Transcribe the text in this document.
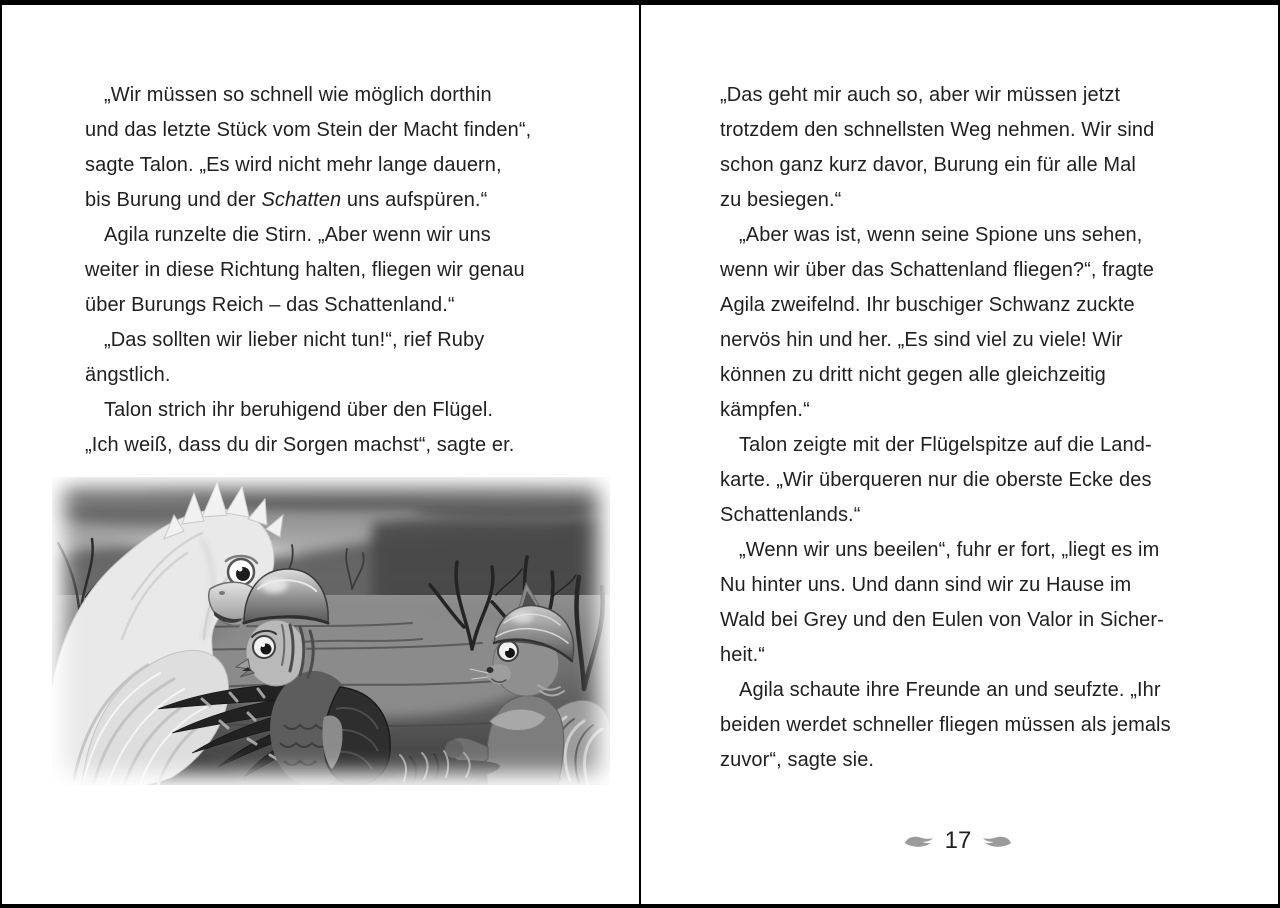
„Wir müssen so schnell wie möglich dorthin
und das letzte Stück vom Stein der Macht finden“,
sagte Talon. „Es wird nicht mehr lange dauern,
bis Burung und der Schatten uns aufspüren.“
Agila runzelte die Stirn. „Aber wenn wir uns
weiter in diese Richtung halten, fliegen wir genau
über Burungs Reich – das Schattenland.“
„Das sollten wir lieber nicht tun!“, rief Ruby
ängstlich.
Talon strich ihr beruhigend über den Flügel.
„Ich weiß, dass du dir Sorgen machst“, sagte er.
„Das geht mir auch so, aber wir müssen jetzt
trotzdem den schnellsten Weg nehmen. Wir sind
schon ganz kurz davor, Burung ein für alle Mal
zu besiegen.“
„Aber was ist, wenn seine Spione uns sehen,
wenn wir über das Schattenland fliegen?“, fragte
Agila zweifelnd. Ihr buschiger Schwanz zuckte
nervös hin und her. „Es sind viel zu viele! Wir
können zu dritt nicht gegen alle gleichzeitig
kämpfen.“
Talon zeigte mit der Flügelspitze auf die Land-
karte. „Wir überqueren nur die oberste Ecke des
Schattenlands.“
„Wenn wir uns beeilen“, fuhr er fort, „liegt es im
Nu hinter uns. Und dann sind wir zu Hause im
Wald bei Grey und den Eulen von Valor in Sicher-
heit.“
Agila schaute ihre Freunde an und seufzte. „Ihr
beiden werdet schneller fliegen müssen als jemals
zuvor“, sagte sie.
17
